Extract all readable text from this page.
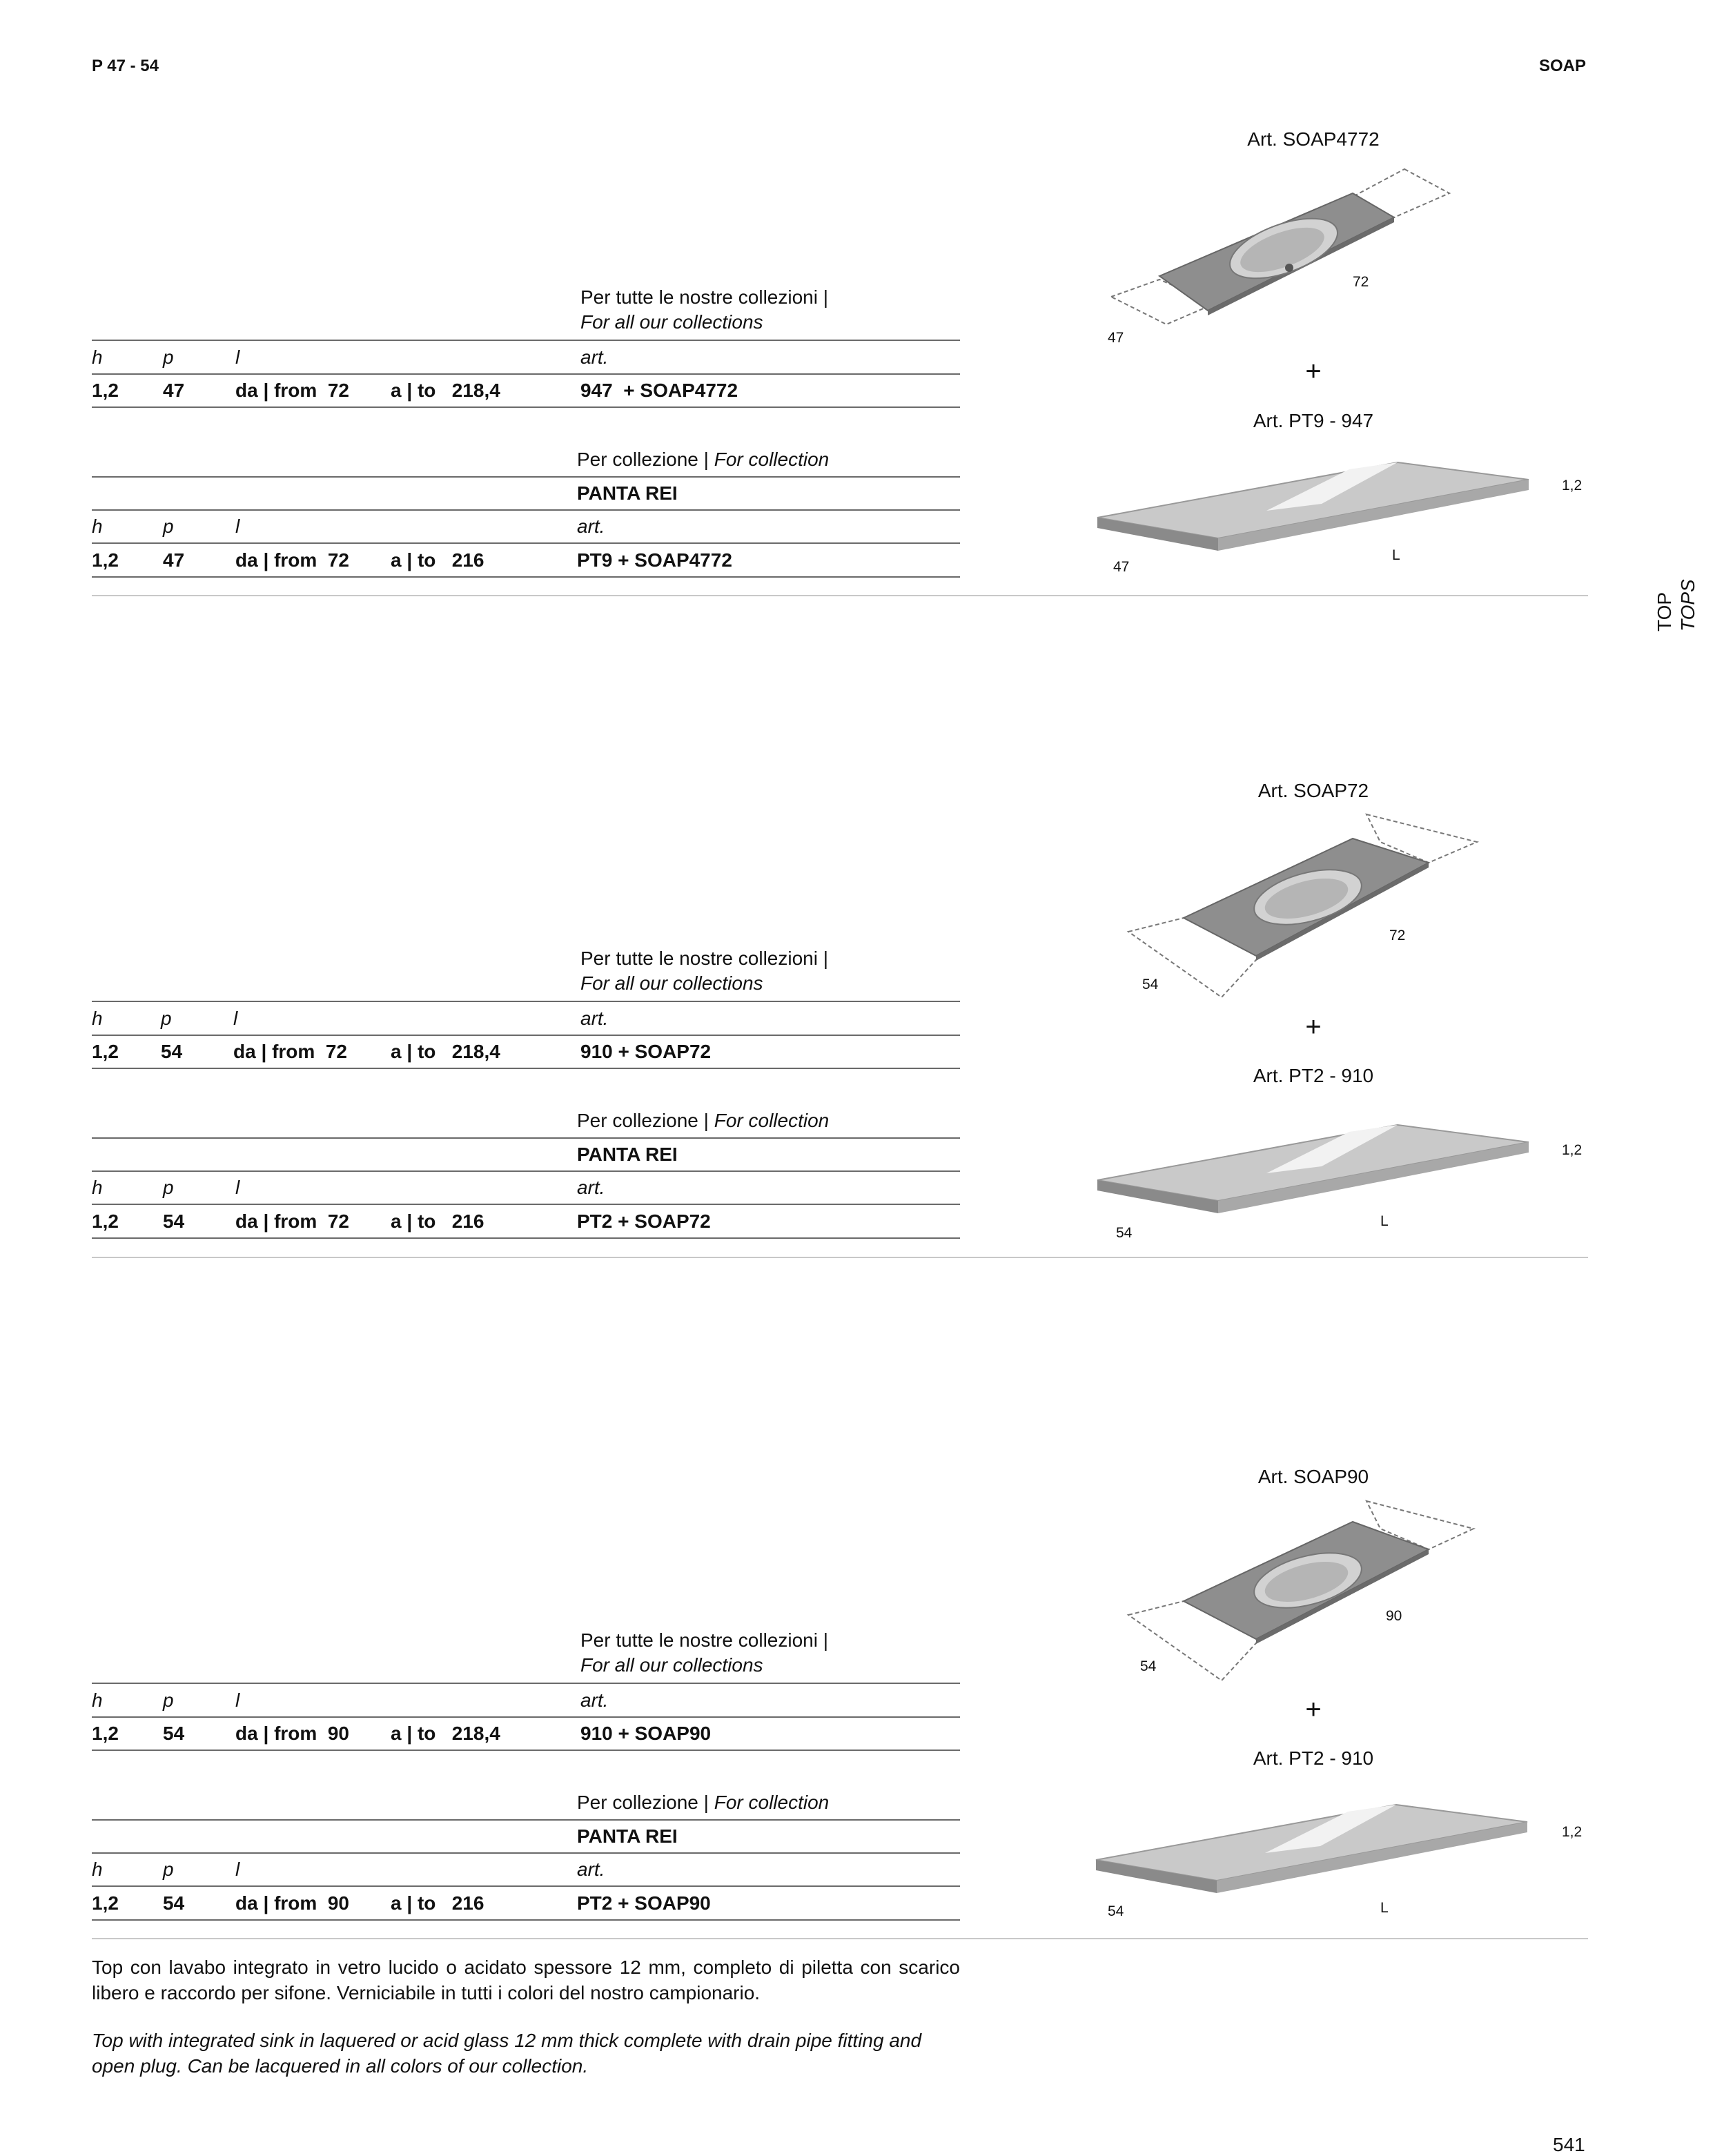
P 47 - 54	SOAP
TOP TOPS
Per tutte le nostre collezioni |
For all our collections
h	p	l	art.
1,2 47	da | from  72 a | to   218,4	947  + SOAP4772
Per collezione | For collection
PANTA REI
h	p	l	art.
1,2 47	da | from  72 a | to   216	PT9 + SOAP4772
Art. SOAP4772
72
47
+
Art. PT9 - 947
1,2
L
47
Per tutte le nostre collezioni |
For all our collections
h	p	l	art.
1,2 54	da | from  72 a | to   218,4	910 + SOAP72
Per collezione | For collection
PANTA REI
h	p	l	art.
1,2 54	da | from  72 a | to   216	PT2 + SOAP72
Art. SOAP72
72
54
+
Art. PT2 - 910
1,2
L
54
Per tutte le nostre collezioni |
For all our collections
h	p	l	art.
1,2 54	da | from  90 a | to   218,4	910 + SOAP90
Per collezione | For collection
PANTA REI
h	p	l	art.
1,2 54	da | from  90 a | to   216	PT2 + SOAP90
Art. SOAP90
90
54
+
Art. PT2 - 910
1,2
L
54
Top con lavabo integrato in vetro lucido o acidato spessore 12 mm, completo di piletta con scarico libero e raccordo per sifone. Verniciabile in tutti i colori del nostro campionario.
Top with integrated sink in laquered or acid glass 12 mm thick complete with drain pipe fitting and open plug. Can be lacquered in all colors of our collection.
541
